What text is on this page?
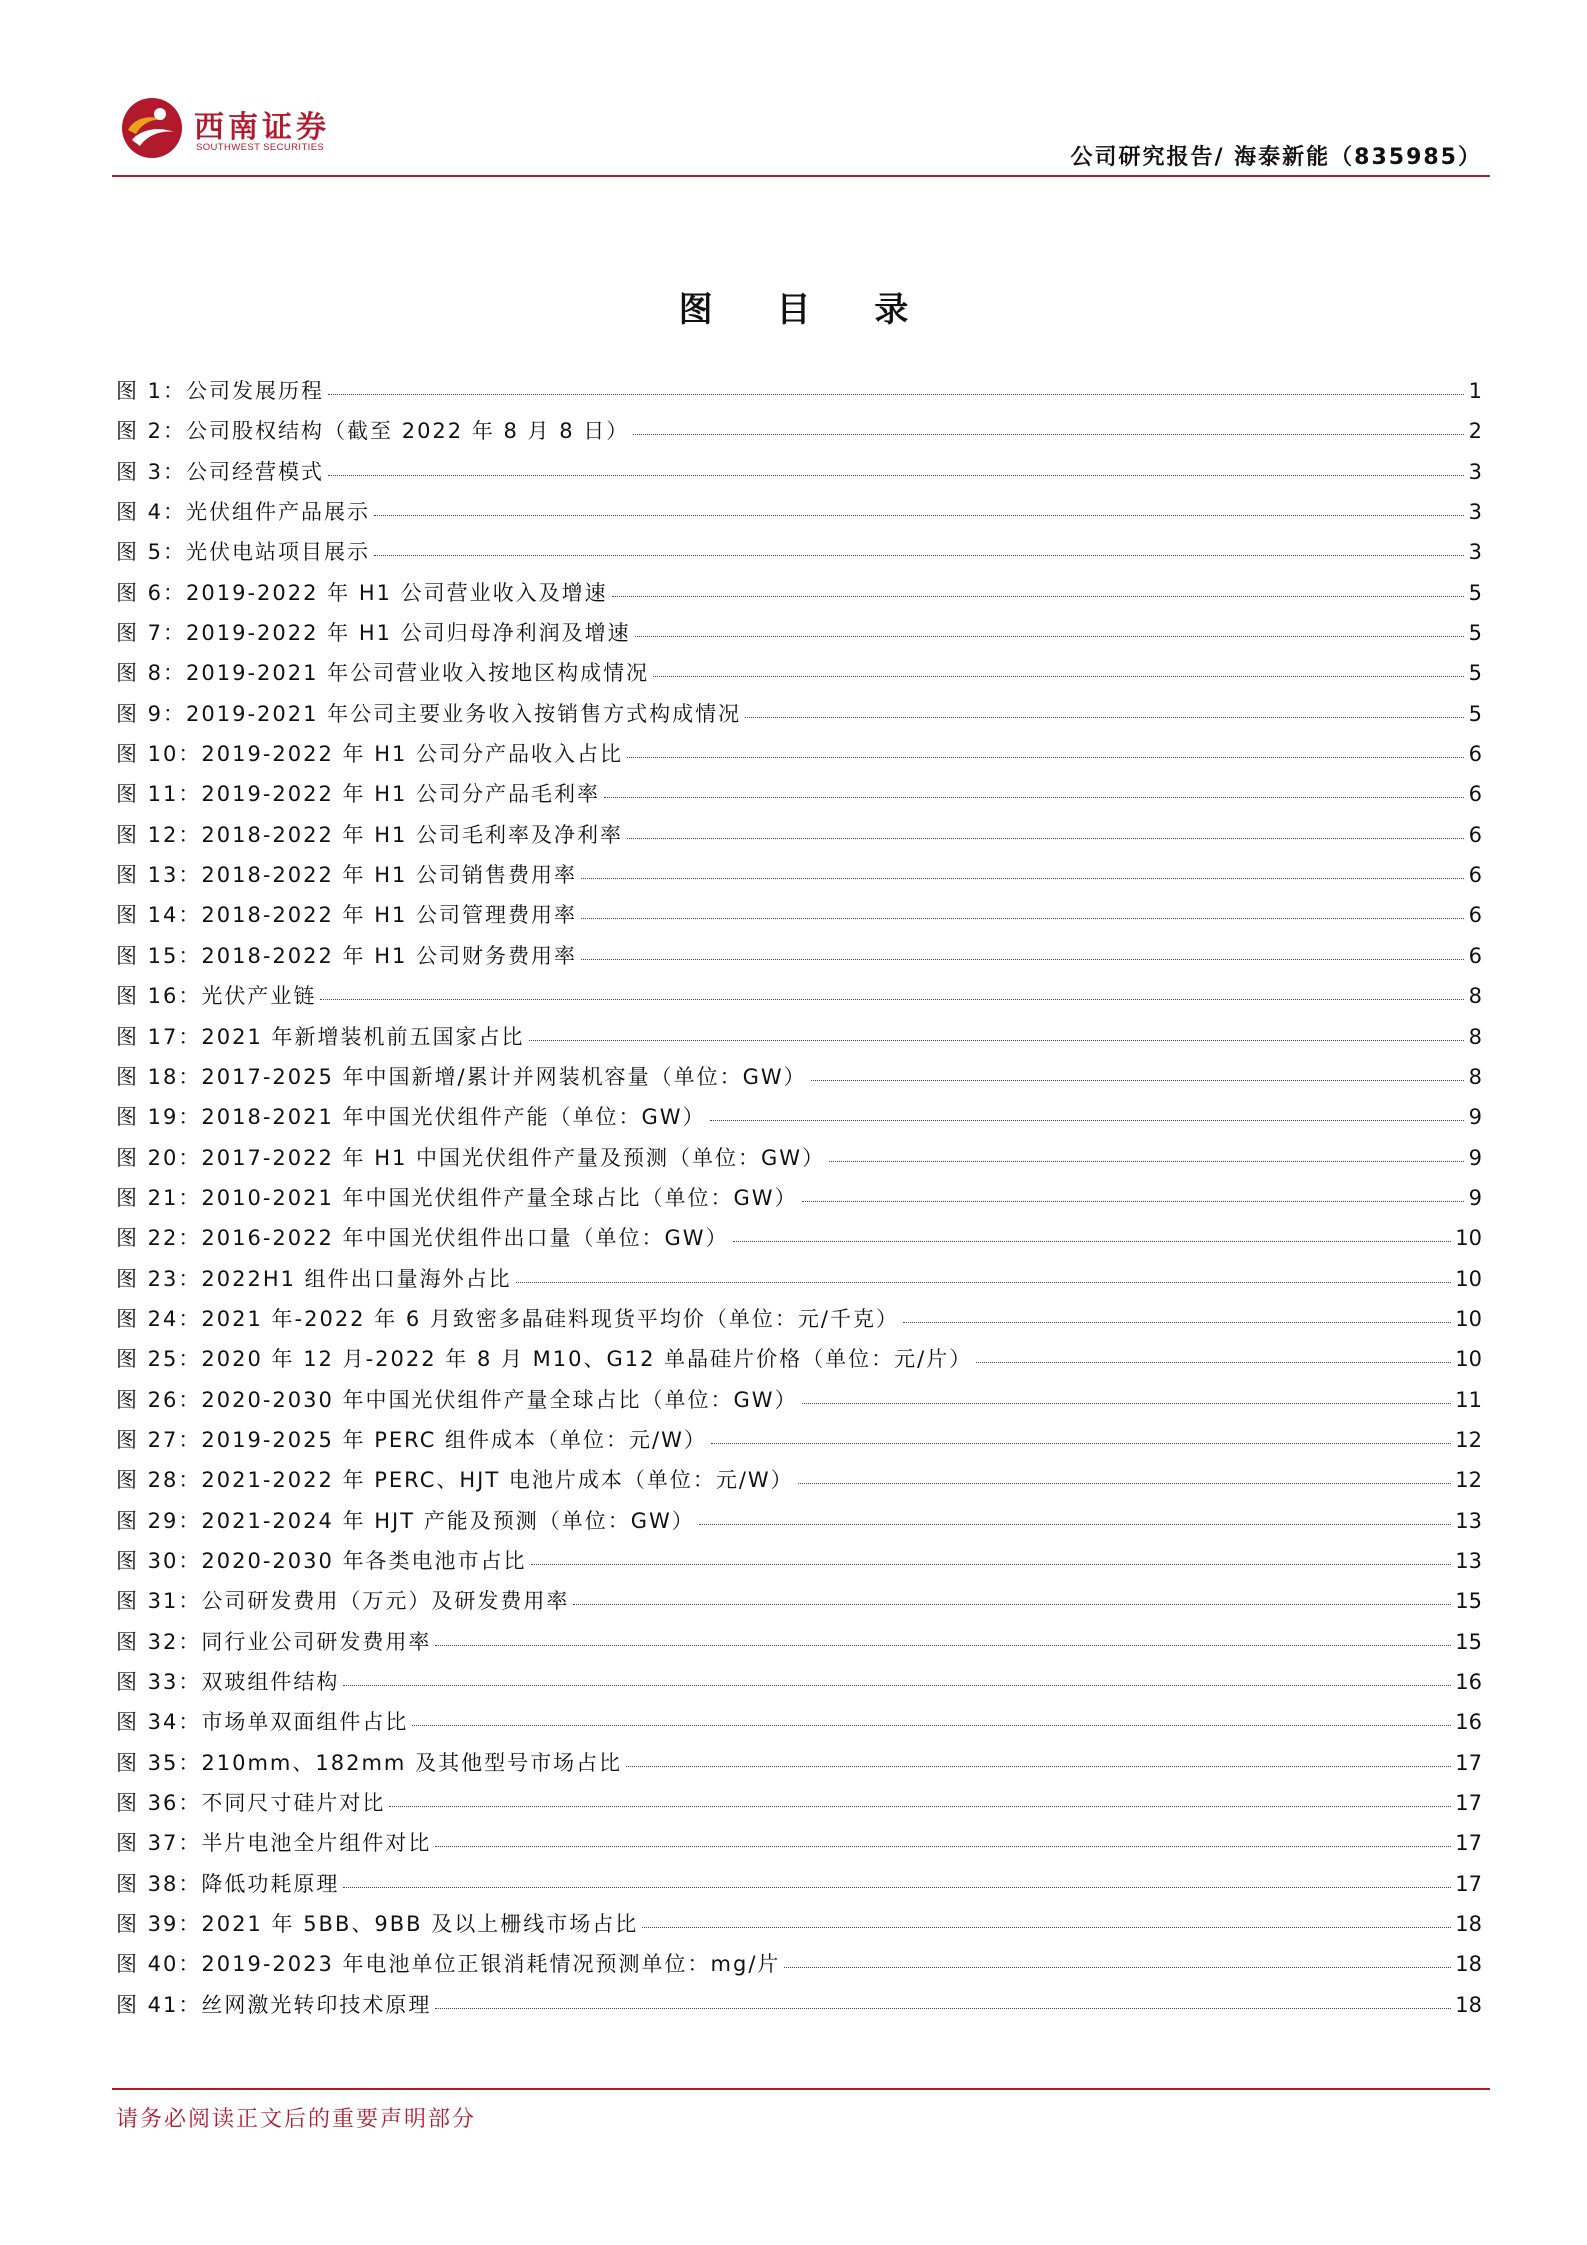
西南证券
SOUTHWEST SECURITIES	公司研究报告/ 海泰新能（835985）
图 目 录
图 1：公司发展历程	1
图 2：公司股权结构（截至 2022 年 8 月 8 日）	2
图 3：公司经营模式	3
图 4：光伏组件产品展示	3
图 5：光伏电站项目展示	3
图 6：2019-2022 年 H1 公司营业收入及增速	5
图 7：2019-2022 年 H1 公司归母净利润及增速	5
图 8：2019-2021 年公司营业收入按地区构成情况	5
图 9：2019-2021 年公司主要业务收入按销售方式构成情况	5
图 10：2019-2022 年 H1 公司分产品收入占比	6
图 11：2019-2022 年 H1 公司分产品毛利率	6
图 12：2018-2022 年 H1 公司毛利率及净利率	6
图 13：2018-2022 年 H1 公司销售费用率	6
图 14：2018-2022 年 H1 公司管理费用率	6
图 15：2018-2022 年 H1 公司财务费用率	6
图 16：光伏产业链	8
图 17：2021 年新增装机前五国家占比	8
图 18：2017-2025 年中国新增/累计并网装机容量（单位：GW）	8
图 19：2018-2021 年中国光伏组件产能（单位：GW）	9
图 20：2017-2022 年 H1 中国光伏组件产量及预测（单位：GW）	9
图 21：2010-2021 年中国光伏组件产量全球占比（单位：GW）	9
图 22：2016-2022 年中国光伏组件出口量（单位：GW）	10
图 23：2022H1 组件出口量海外占比	10
图 24：2021 年-2022 年 6 月致密多晶硅料现货平均价（单位：元/千克）	10
图 25：2020 年 12 月-2022 年 8 月 M10、G12 单晶硅片价格（单位：元/片）	10
图 26：2020-2030 年中国光伏组件产量全球占比（单位：GW）	11
图 27：2019-2025 年 PERC 组件成本（单位：元/W）	12
图 28：2021-2022 年 PERC、HJT 电池片成本（单位：元/W）	12
图 29：2021-2024 年 HJT 产能及预测（单位：GW）	13
图 30：2020-2030 年各类电池市占比	13
图 31：公司研发费用（万元）及研发费用率	15
图 32：同行业公司研发费用率	15
图 33：双玻组件结构	16
图 34：市场单双面组件占比	16
图 35：210mm、182mm 及其他型号市场占比	17
图 36：不同尺寸硅片对比	17
图 37：半片电池全片组件对比	17
图 38：降低功耗原理	17
图 39：2021 年 5BB、9BB 及以上栅线市场占比	18
图 40：2019-2023 年电池单位正银消耗情况预测单位：mg/片	18
图 41：丝网激光转印技术原理	18
请务必阅读正文后的重要声明部分
